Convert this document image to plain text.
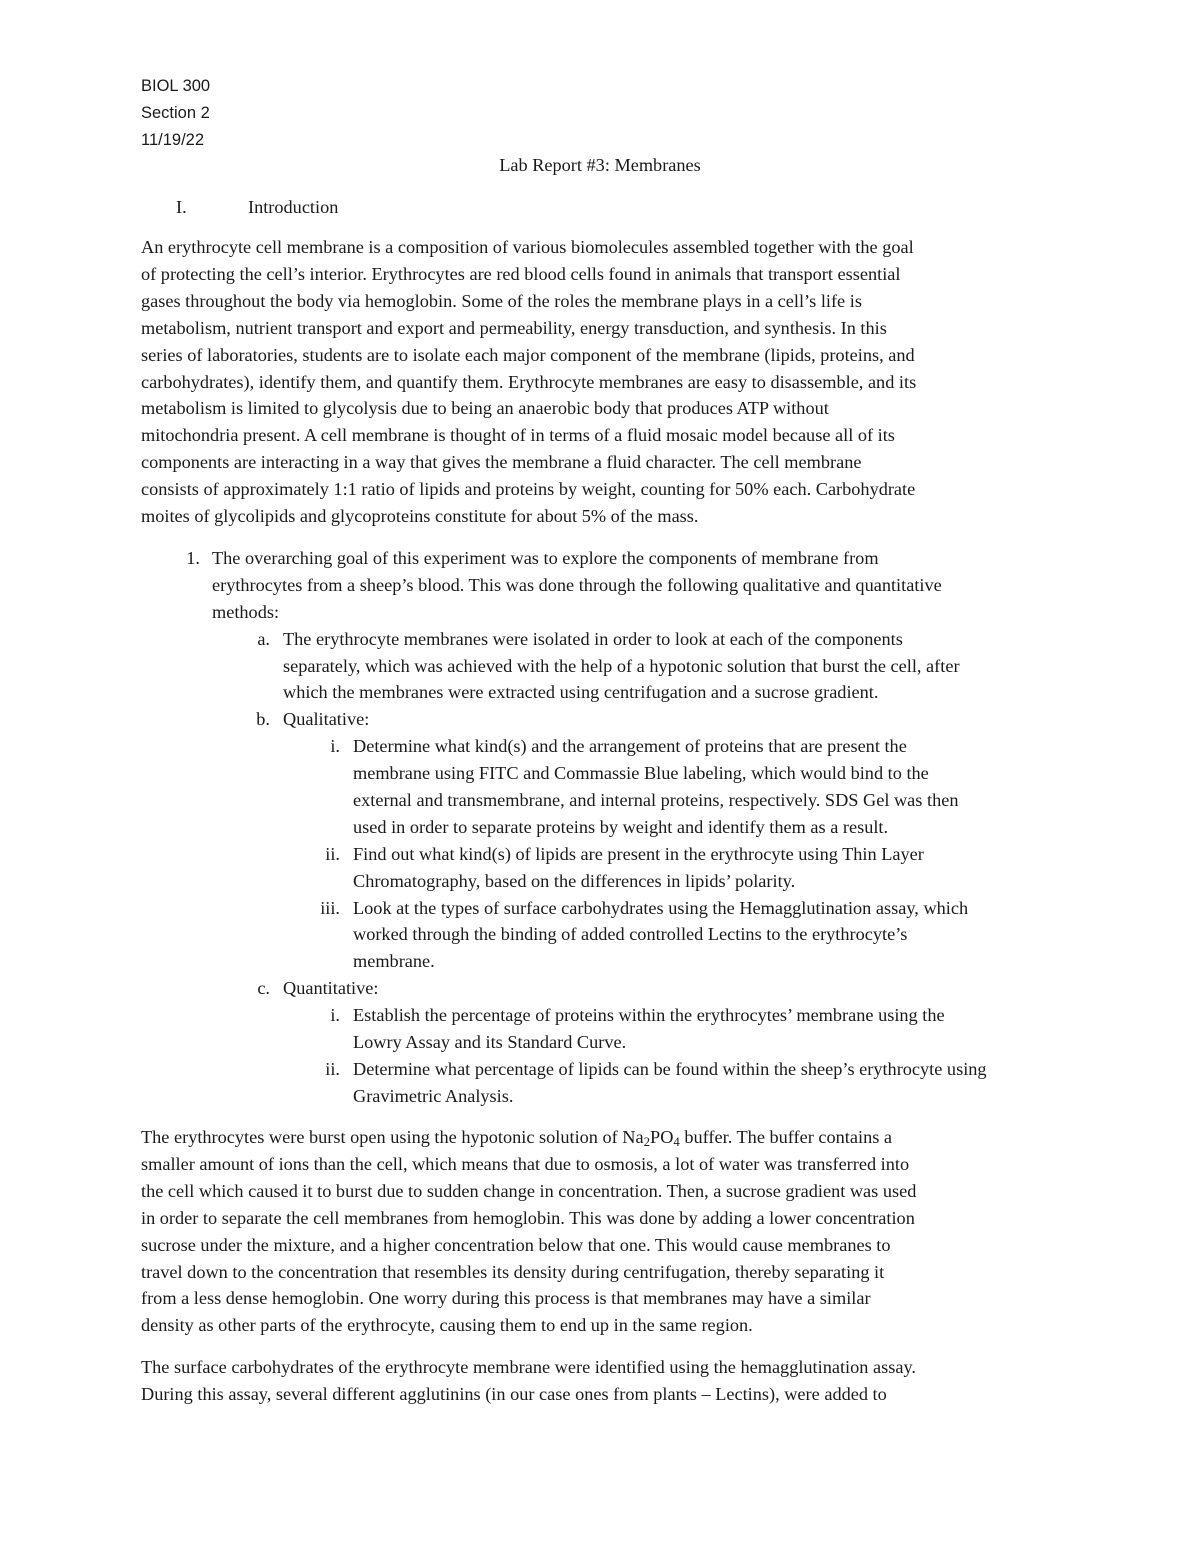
BIOL 300
Section 2
11/19/22
Lab Report #3: Membranes
I.	Introduction
An erythrocyte cell membrane is a composition of various biomolecules assembled together with the goal
of protecting the cell’s interior. Erythrocytes are red blood cells found in animals that transport essential
gases throughout the body via hemoglobin. Some of the roles the membrane plays in a cell’s life is
metabolism, nutrient transport and export and permeability, energy transduction, and synthesis. In this
series of laboratories, students are to isolate each major component of the membrane (lipids, proteins, and
carbohydrates), identify them, and quantify them. Erythrocyte membranes are easy to disassemble, and its
metabolism is limited to glycolysis due to being an anaerobic body that produces ATP without
mitochondria present. A cell membrane is thought of in terms of a fluid mosaic model because all of its
components are interacting in a way that gives the membrane a fluid character. The cell membrane
consists of approximately 1:1 ratio of lipids and proteins by weight, counting for 50% each. Carbohydrate
moites of glycolipids and glycoproteins constitute for about 5% of the mass.
1. The overarching goal of this experiment was to explore the components of membrane from
erythrocytes from a sheep’s blood. This was done through the following qualitative and quantitative
methods:
a. The erythrocyte membranes were isolated in order to look at each of the components
separately, which was achieved with the help of a hypotonic solution that burst the cell, after
which the membranes were extracted using centrifugation and a sucrose gradient.
b. Qualitative:
i. Determine what kind(s) and the arrangement of proteins that are present the
membrane using FITC and Commassie Blue labeling, which would bind to the
external and transmembrane, and internal proteins, respectively. SDS Gel was then
used in order to separate proteins by weight and identify them as a result.
ii. Find out what kind(s) of lipids are present in the erythrocyte using Thin Layer
Chromatography, based on the differences in lipids’ polarity.
iii. Look at the types of surface carbohydrates using the Hemagglutination assay, which
worked through the binding of added controlled Lectins to the erythrocyte’s
membrane.
c. Quantitative:
i. Establish the percentage of proteins within the erythrocytes’ membrane using the
Lowry Assay and its Standard Curve.
ii. Determine what percentage of lipids can be found within the sheep’s erythrocyte using
Gravimetric Analysis.
The erythrocytes were burst open using the hypotonic solution of $Na_2PO_4$ buffer. The buffer contains a
smaller amount of ions than the cell, which means that due to osmosis, a lot of water was transferred into
the cell which caused it to burst due to sudden change in concentration. Then, a sucrose gradient was used
in order to separate the cell membranes from hemoglobin. This was done by adding a lower concentration
sucrose under the mixture, and a higher concentration below that one. This would cause membranes to
travel down to the concentration that resembles its density during centrifugation, thereby separating it
from a less dense hemoglobin. One worry during this process is that membranes may have a similar
density as other parts of the erythrocyte, causing them to end up in the same region.
The surface carbohydrates of the erythrocyte membrane were identified using the hemagglutination assay.
During this assay, several different agglutinins (in our case ones from plants – Lectins), were added to
